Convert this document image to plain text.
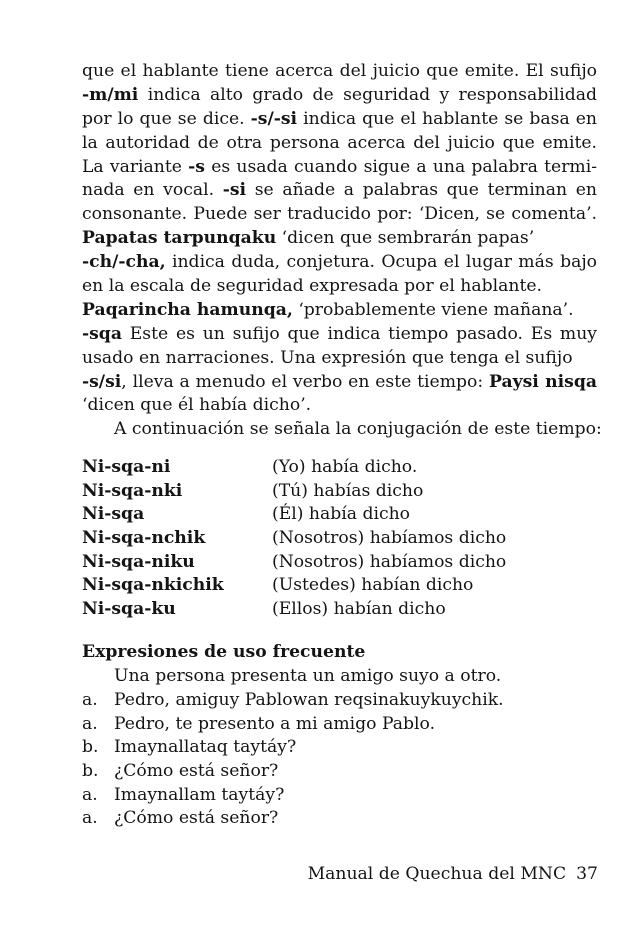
que el hablante tiene acerca del juicio que emite. El sufijo
-m/mi indica alto grado de seguridad y responsabilidad
por lo que se dice. -s/-si indica que el hablante se basa en
la autoridad de otra persona acerca del juicio que emite.
La variante -s es usada cuando sigue a una palabra termi-
nada en vocal. -si se añade a palabras que terminan en
consonante. Puede ser traducido por: ‘Dicen, se comenta’.
Papatas tarpunqaku ‘dicen que sembrarán papas’
-ch/-cha, indica duda, conjetura. Ocupa el lugar más bajo
en la escala de seguridad expresada por el hablante.
Paqarincha hamunqa, ‘probablemente viene mañana’.
-sqa Este es un sufijo que indica tiempo pasado. Es muy
usado en narraciones. Una expresión que tenga el sufijo
-s/si, lleva a menudo el verbo en este tiempo: Paysi nisqa
‘dicen que él había dicho’.
A continuación se señala la conjugación de este tiempo:
Ni-sqa-ni	(Yo) había dicho.
Ni-sqa-nki	(Tú) habías dicho
Ni-sqa	(Él) había dicho
Ni-sqa-nchik	(Nosotros) habíamos dicho
Ni-sqa-niku	(Nosotros) habíamos dicho
Ni-sqa-nkichik	(Ustedes) habían dicho
Ni-sqa-ku	(Ellos) habían dicho
Expresiones de uso frecuente
Una persona presenta un amigo suyo a otro.
a. Pedro, amiguy Pablowan reqsinakuykuychik.
a. Pedro, te presento a mi amigo Pablo.
b. Imaynallataq taytáy?
b. ¿Cómo está señor?
a. Imaynallam taytáy?
a. ¿Cómo está señor?
Manual de Quechua del MNC 37
